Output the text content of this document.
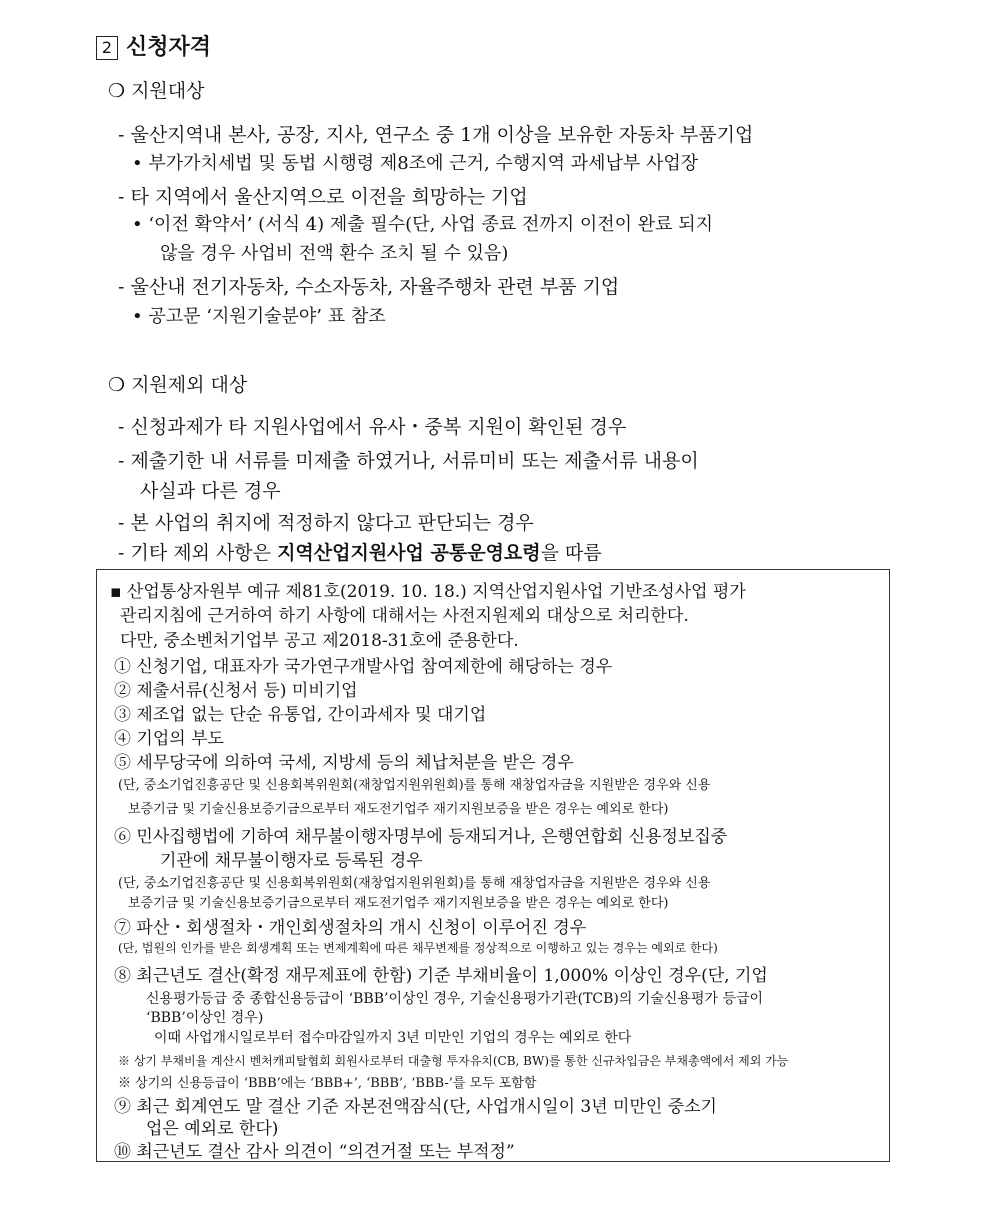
2 신청자격
❍ 지원대상
- 울산지역내 본사, 공장, 지사, 연구소 중 1개 이상을 보유한 자동차 부품기업
• 부가가치세법 및 동법 시행령 제8조에 근거, 수행지역 과세납부 사업장
- 타 지역에서 울산지역으로 이전을 희망하는 기업
• ‘이전 확약서’ (서식 4) 제출 필수(단, 사업 종료 전까지 이전이 완료 되지
않을 경우 사업비 전액 환수 조치 될 수 있음)
- 울산내 전기자동차, 수소자동차, 자율주행차 관련 부품 기업
• 공고문 ‘지원기술분야’ 표 참조
❍ 지원제외 대상
- 신청과제가 타 지원사업에서 유사・중복 지원이 확인된 경우
- 제출기한 내 서류를 미제출 하였거나, 서류미비 또는 제출서류 내용이
사실과 다른 경우
- 본 사업의 취지에 적정하지 않다고 판단되는 경우
- 기타 제외 사항은 지역산업지원사업 공통운영요령을 따름
▪ 산업통상자원부 예규 제81호(2019. 10. 18.) 지역산업지원사업 기반조성사업 평가
관리지침에 근거하여 하기 사항에 대해서는 사전지원제외 대상으로 처리한다.
다만, 중소벤처기업부 공고 제2018-31호에 준용한다.
① 신청기업, 대표자가 국가연구개발사업 참여제한에 해당하는 경우
② 제출서류(신청서 등) 미비기업
③ 제조업 없는 단순 유통업, 간이과세자 및 대기업
④ 기업의 부도
⑤ 세무당국에 의하여 국세, 지방세 등의 체납처분을 받은 경우
(단, 중소기업진흥공단 및 신용회복위원회(재창업지원위원회)를 통해 재창업자금을 지원받은 경우와 신용
보증기금 및 기술신용보증기금으로부터 재도전기업주 재기지원보증을 받은 경우는 예외로 한다)
⑥ 민사집행법에 기하여 채무불이행자명부에 등재되거나, 은행연합회 신용정보집중
기관에 채무불이행자로 등록된 경우
(단, 중소기업진흥공단 및 신용회복위원회(재창업지원위원회)를 통해 재창업자금을 지원받은 경우와 신용
보증기금 및 기술신용보증기금으로부터 재도전기업주 재기지원보증을 받은 경우는 예외로 한다)
⑦ 파산・회생절차・개인회생절차의 개시 신청이 이루어진 경우
(단, 법원의 인가를 받은 회생계획 또는 변제계획에 따른 채무변제를 정상적으로 이행하고 있는 경우는 예외로 한다)
⑧ 최근년도 결산(확정 재무제표에 한함) 기준 부채비율이 1,000% 이상인 경우(단, 기업
신용평가등급 중 종합신용등급이 ‘BBB’이상인 경우, 기술신용평가기관(TCB)의 기술신용평가 등급이
‘BBB’이상인 경우)
이때 사업개시일로부터 접수마감일까지 3년 미만인 기업의 경우는 예외로 한다
※ 상기 부채비율 계산시 벤처캐피탈협회 회원사로부터 대출형 투자유치(CB, BW)를 통한 신규차입금은 부채총액에서 제외 가능
※ 상기의 신용등급이 ‘BBB’에는 ‘BBB+’, ‘BBB’, ‘BBB-’를 모두 포함함
⑨ 최근 회계연도 말 결산 기준 자본전액잠식(단, 사업개시일이 3년 미만인 중소기
업은 예외로 한다)
⑩ 최근년도 결산 감사 의견이 “의견거절 또는 부적정”
